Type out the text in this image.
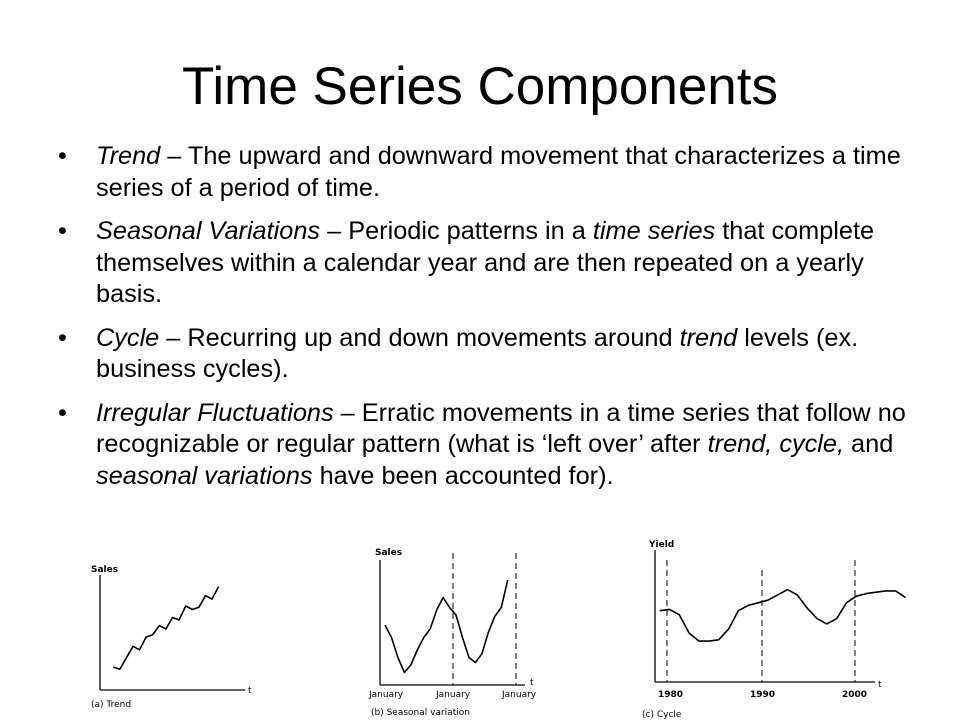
Time Series Components
• Trend – The upward and downward movement that characterizes a time series of a period of time.
• Seasonal Variations – Periodic patterns in a time series that complete themselves within a calendar year and are then repeated on a yearly basis.
• Cycle – Recurring up and down movements around trend levels (ex. business cycles).
• Irregular Fluctuations – Erratic movements in a time series that follow no recognizable or regular pattern (what is ‘left over’ after trend, cycle, and seasonal variations have been accounted for).
Sales
t
(a) Trend
Sales
t
January	January	January
(b) Seasonal variation
Yield
t
1980	1990	2000
(c) Cycle
